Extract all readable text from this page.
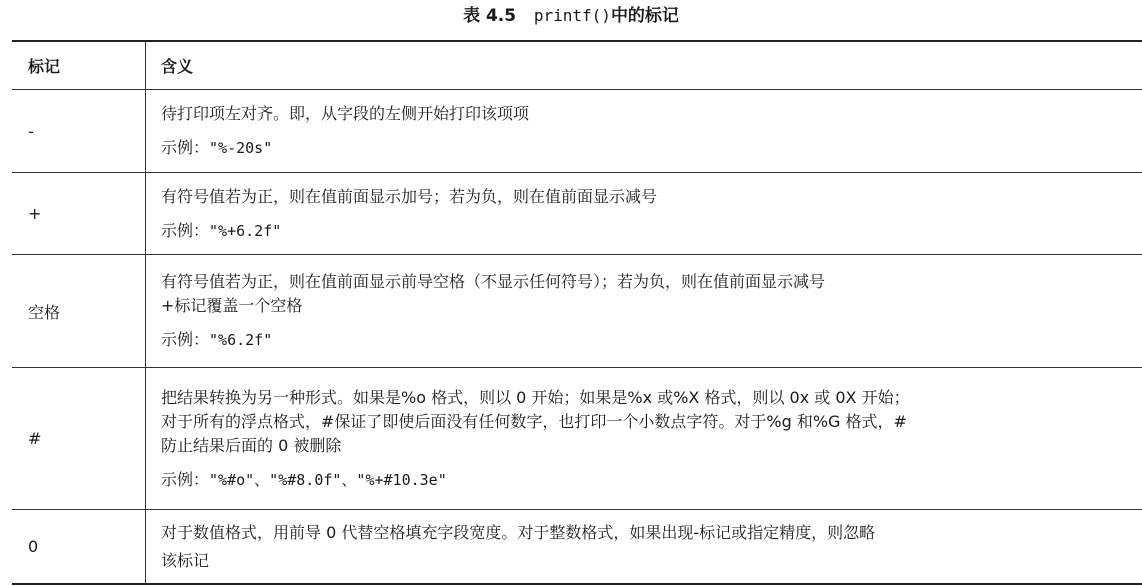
表 4.5 printf()中的标记
标记	含义
-
待打印项左对齐。即，从字段的左侧开始打印该项项
示例："%-20s"
+
有符号值若为正，则在值前面显示加号；若为负，则在值前面显示减号
示例："%+6.2f"
空格
有符号值若为正，则在值前面显示前导空格（不显示任何符号）；若为负，则在值前面显示减号
+标记覆盖一个空格
示例："%6.2f"
#
把结果转换为另一种形式。如果是%o 格式，则以 0 开始；如果是%x 或%X 格式，则以 0x 或 0X 开始；
对于所有的浮点格式，#保证了即使后面没有任何数字，也打印一个小数点字符。对于%g 和%G 格式，#
防止结果后面的 0 被删除
示例："%#o"、"%#8.0f"、"%+#10.3e"
0
对于数值格式，用前导 0 代替空格填充字段宽度。对于整数格式，如果出现-标记或指定精度，则忽略
该标记
